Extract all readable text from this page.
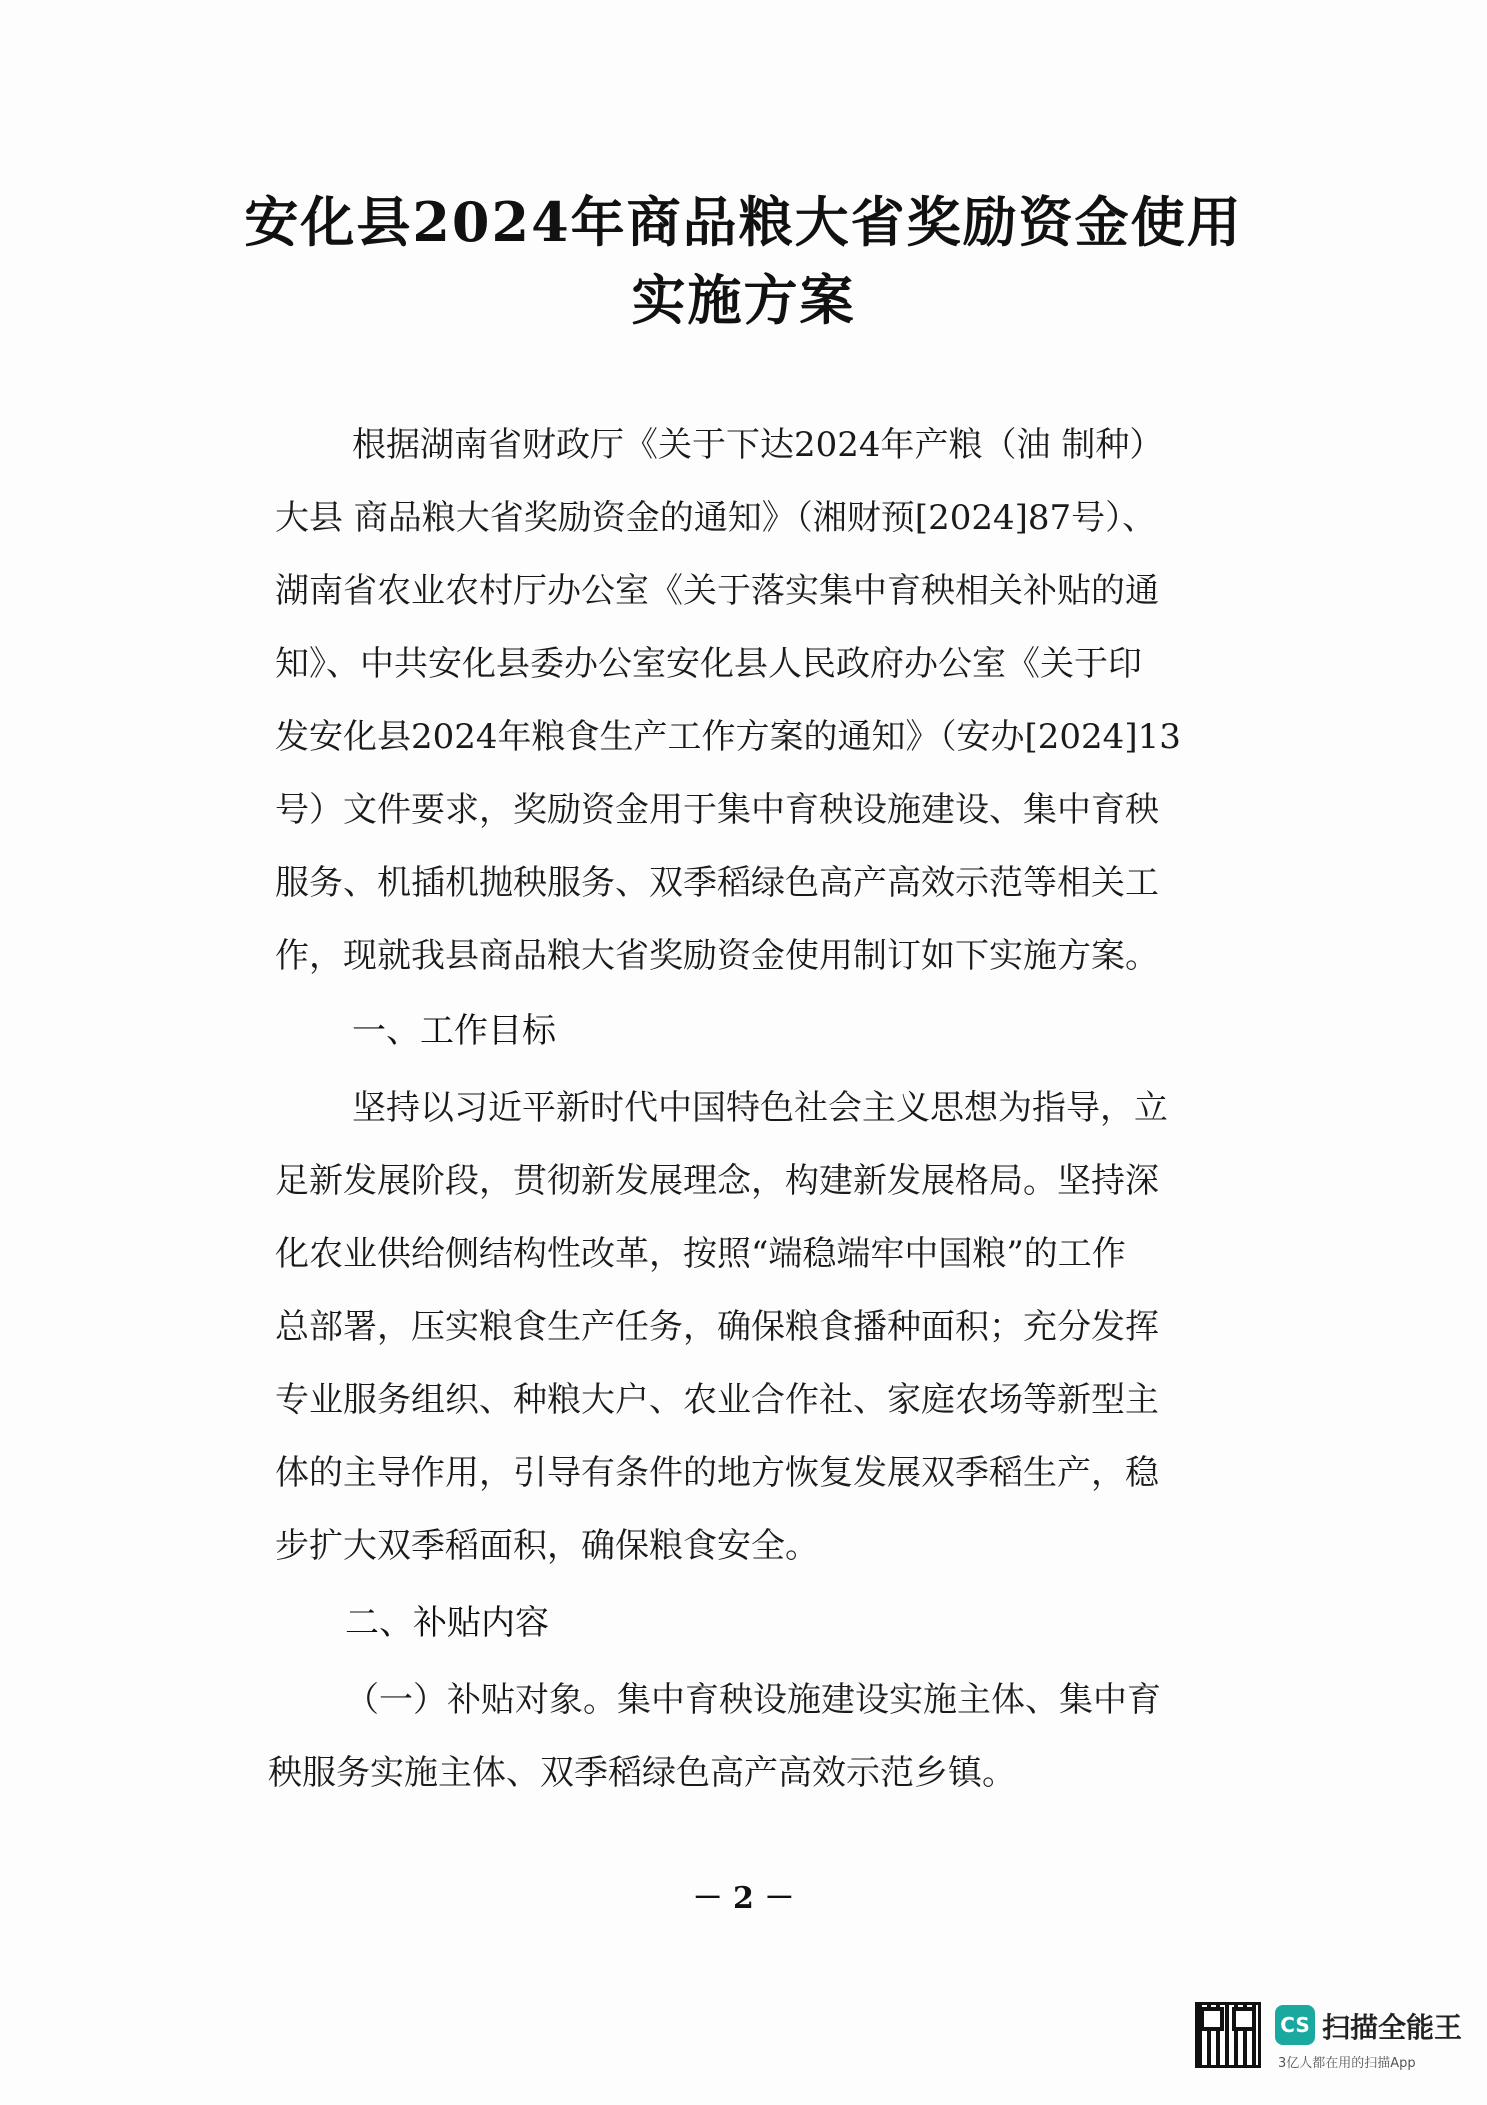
安化县2024年商品粮大省奖励资金使用
实施方案
根据湖南省财政厅《关于下达2024年产粮（油 制种）
大县 商品粮大省奖励资金的通知》（湘财预[2024]87号）、
湖南省农业农村厅办公室《关于落实集中育秧相关补贴的通
知》、中共安化县委办公室安化县人民政府办公室《关于印
发安化县2024年粮食生产工作方案的通知》（安办[2024]13
号）文件要求，奖励资金用于集中育秧设施建设、集中育秧
服务、机插机抛秧服务、双季稻绿色高产高效示范等相关工
作，现就我县商品粮大省奖励资金使用制订如下实施方案。
一、工作目标
坚持以习近平新时代中国特色社会主义思想为指导，立
足新发展阶段，贯彻新发展理念，构建新发展格局。坚持深
化农业供给侧结构性改革，按照“端稳端牢中国粮”的工作
总部署，压实粮食生产任务，确保粮食播种面积；充分发挥
专业服务组织、种粮大户、农业合作社、家庭农场等新型主
体的主导作用，引导有条件的地方恢复发展双季稻生产，稳
步扩大双季稻面积，确保粮食安全。
二、补贴内容
（一）补贴对象。集中育秧设施建设实施主体、集中育
秧服务实施主体、双季稻绿色高产高效示范乡镇。
－ 2 －
CS 扫描全能王
3亿人都在用的扫描App
